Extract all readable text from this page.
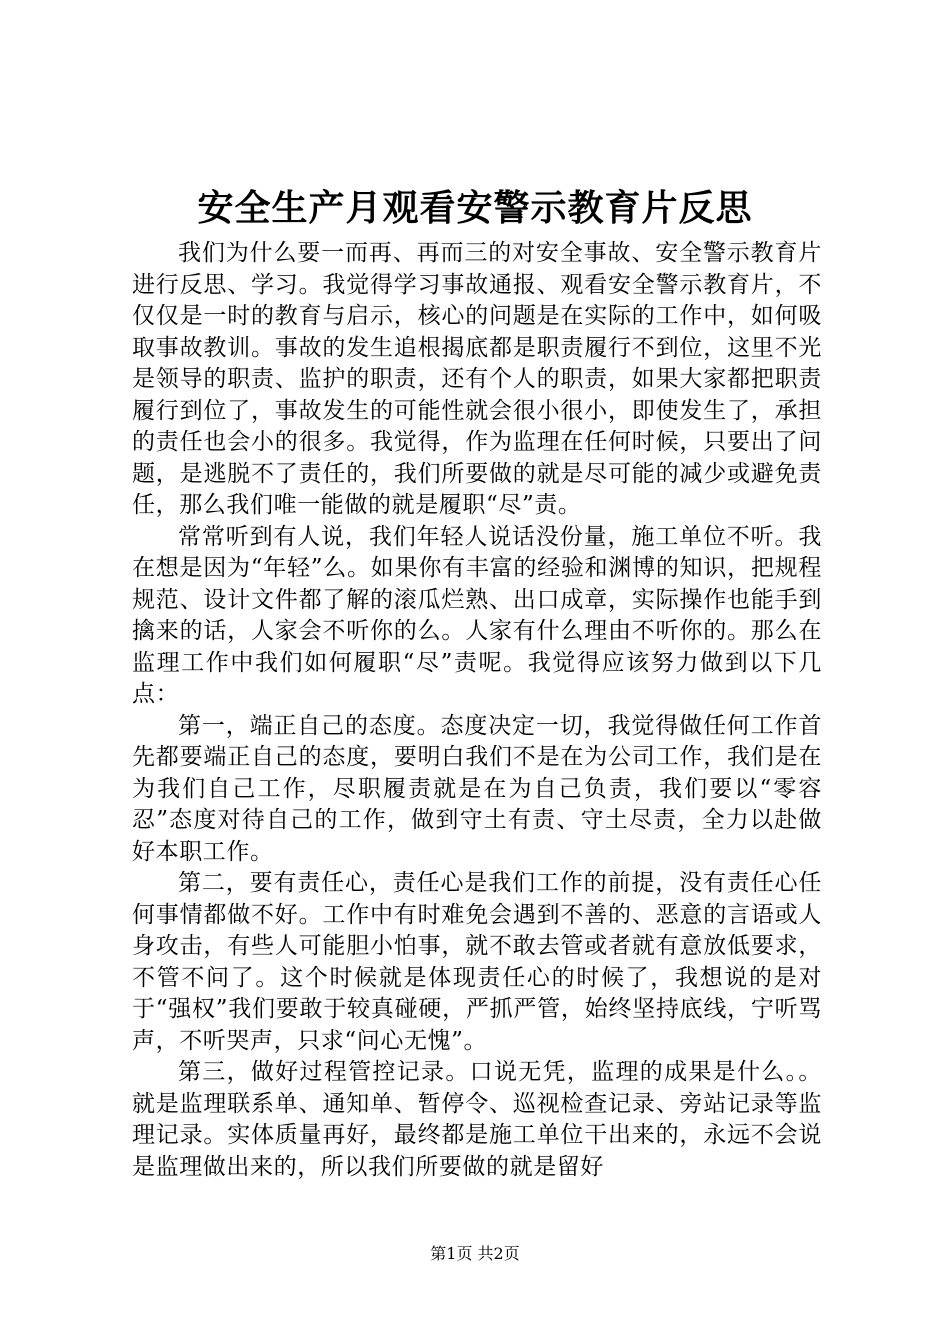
安全生产月观看安警示教育片反思

我们为什么要一而再、再而三的对安全事故、安全警示教育片进行反思、学习。我觉得学习事故通报、观看安全警示教育片，不仅仅是一时的教育与启示，核心的问题是在实际的工作中，如何吸取事故教训。事故的发生追根揭底都是职责履行不到位，这里不光是领导的职责、监护的职责，还有个人的职责，如果大家都把职责履行到位了，事故发生的可能性就会很小很小，即使发生了，承担的责任也会小的很多。我觉得，作为监理在任何时候，只要出了问题，是逃脱不了责任的，我们所要做的就是尽可能的减少或避免责任，那么我们唯一能做的就是履职“尽”责。

常常听到有人说，我们年轻人说话没份量，施工单位不听。我在想是因为“年轻”么。如果你有丰富的经验和渊博的知识，把规程规范、设计文件都了解的滚瓜烂熟、出口成章，实际操作也能手到擒来的话，人家会不听你的么。人家有什么理由不听你的。那么在监理工作中我们如何履职“尽”责呢。我觉得应该努力做到以下几点：

第一，端正自己的态度。态度决定一切，我觉得做任何工作首先都要端正自己的态度，要明白我们不是在为公司工作，我们是在为我们自己工作，尽职履责就是在为自己负责，我们要以“零容忍”态度对待自己的工作，做到守土有责、守土尽责，全力以赴做好本职工作。

第二，要有责任心，责任心是我们工作的前提，没有责任心任何事情都做不好。工作中有时难免会遇到不善的、恶意的言语或人身攻击，有些人可能胆小怕事，就不敢去管或者就有意放低要求，不管不问了。这个时候就是体现责任心的时候了，我想说的是对于“强权”我们要敢于较真碰硬，严抓严管，始终坚持底线，宁听骂声，不听哭声，只求“问心无愧”。

第三，做好过程管控记录。口说无凭，监理的成果是什么。。就是监理联系单、通知单、暂停令、巡视检查记录、旁站记录等监理记录。实体质量再好，最终都是施工单位干出来的，永远不会说是监理做出来的，所以我们所要做的就是留好

第1页 共2页
